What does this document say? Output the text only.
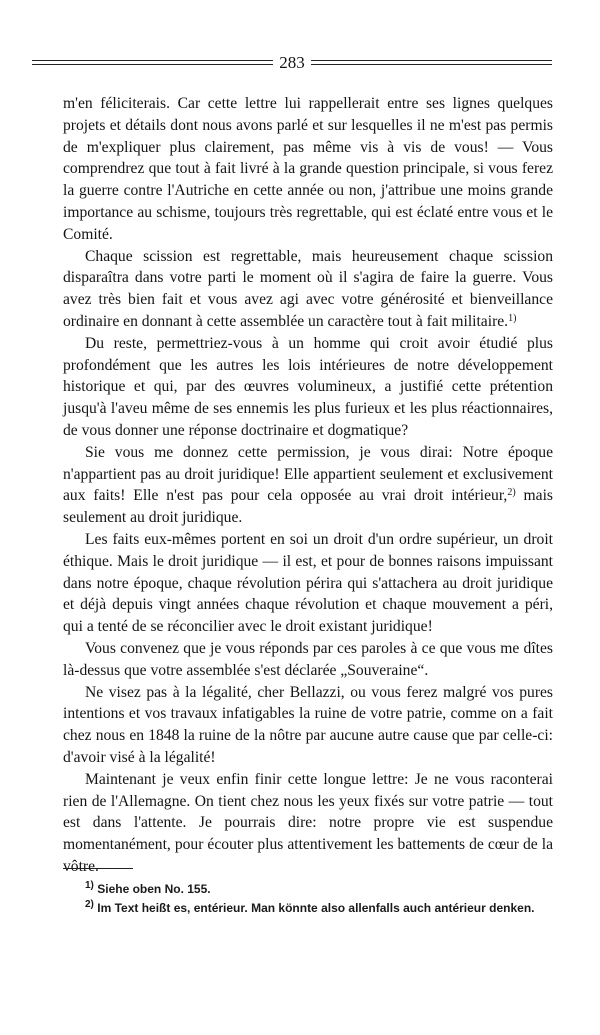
283

m'en féliciterais. Car cette lettre lui rappellerait entre ses lignes quelques projets et détails dont nous avons parlé et sur lesquelles il ne m'est pas permis de m'expliquer plus clairement, pas même vis à vis de vous! — Vous comprendrez que tout à fait livré à la grande question principale, si vous ferez la guerre contre l'Autriche en cette année ou non, j'attribue une moins grande importance au schisme, toujours très regrettable, qui est éclaté entre vous et le Comité.

Chaque scission est regrettable, mais heureusement chaque scission disparaîtra dans votre parti le moment où il s'agira de faire la guerre. Vous avez très bien fait et vous avez agi avec votre générosité et bienveillance ordinaire en donnant à cette assemblée un caractère tout à fait militaire.$^{1)}$

Du reste, permettriez-vous à un homme qui croit avoir étudié plus profondément que les autres les lois intérieures de notre développement historique et qui, par des œuvres volumineux, a justifié cette prétention jusqu'à l'aveu même de ses ennemis les plus furieux et les plus réactionnaires, de vous donner une réponse doctrinaire et dogmatique?

Sie vous me donnez cette permission, je vous dirai: Notre époque n'appartient pas au droit juridique! Elle appartient seulement et exclusivement aux faits! Elle n'est pas pour cela opposée au vrai droit intérieur,$^{2)}$ mais seulement au droit juridique.

Les faits eux-mêmes portent en soi un droit d'un ordre supérieur, un droit éthique. Mais le droit juridique — il est, et pour de bonnes raisons impuissant dans notre époque, chaque révolution périra qui s'attachera au droit juridique et déjà depuis vingt années chaque révolution et chaque mouvement a péri, qui a tenté de se réconcilier avec le droit existant juridique!

Vous convenez que je vous réponds par ces paroles à ce que vous me dîtes là-dessus que votre assemblée s'est déclarée „Souveraine“.

Ne visez pas à la légalité, cher Bellazzi, ou vous ferez malgré vos pures intentions et vos travaux infatigables la ruine de votre patrie, comme on a fait chez nous en 1848 la ruine de la nôtre par aucune autre cause que par celle-ci: d'avoir visé à la légalité!

Maintenant je veux enfin finir cette longue lettre: Je ne vous raconterai rien de l'Allemagne. On tient chez nous les yeux fixés sur votre patrie — tout est dans l'attente. Je pourrais dire: notre propre vie est suspendue momentanément, pour écouter plus attentivement les battements de cœur de la vôtre.

$^{1)}$ Siehe oben No. 155.

$^{2)}$ Im Text heißt es, entérieur. Man könnte also allenfalls auch antérieur denken.
